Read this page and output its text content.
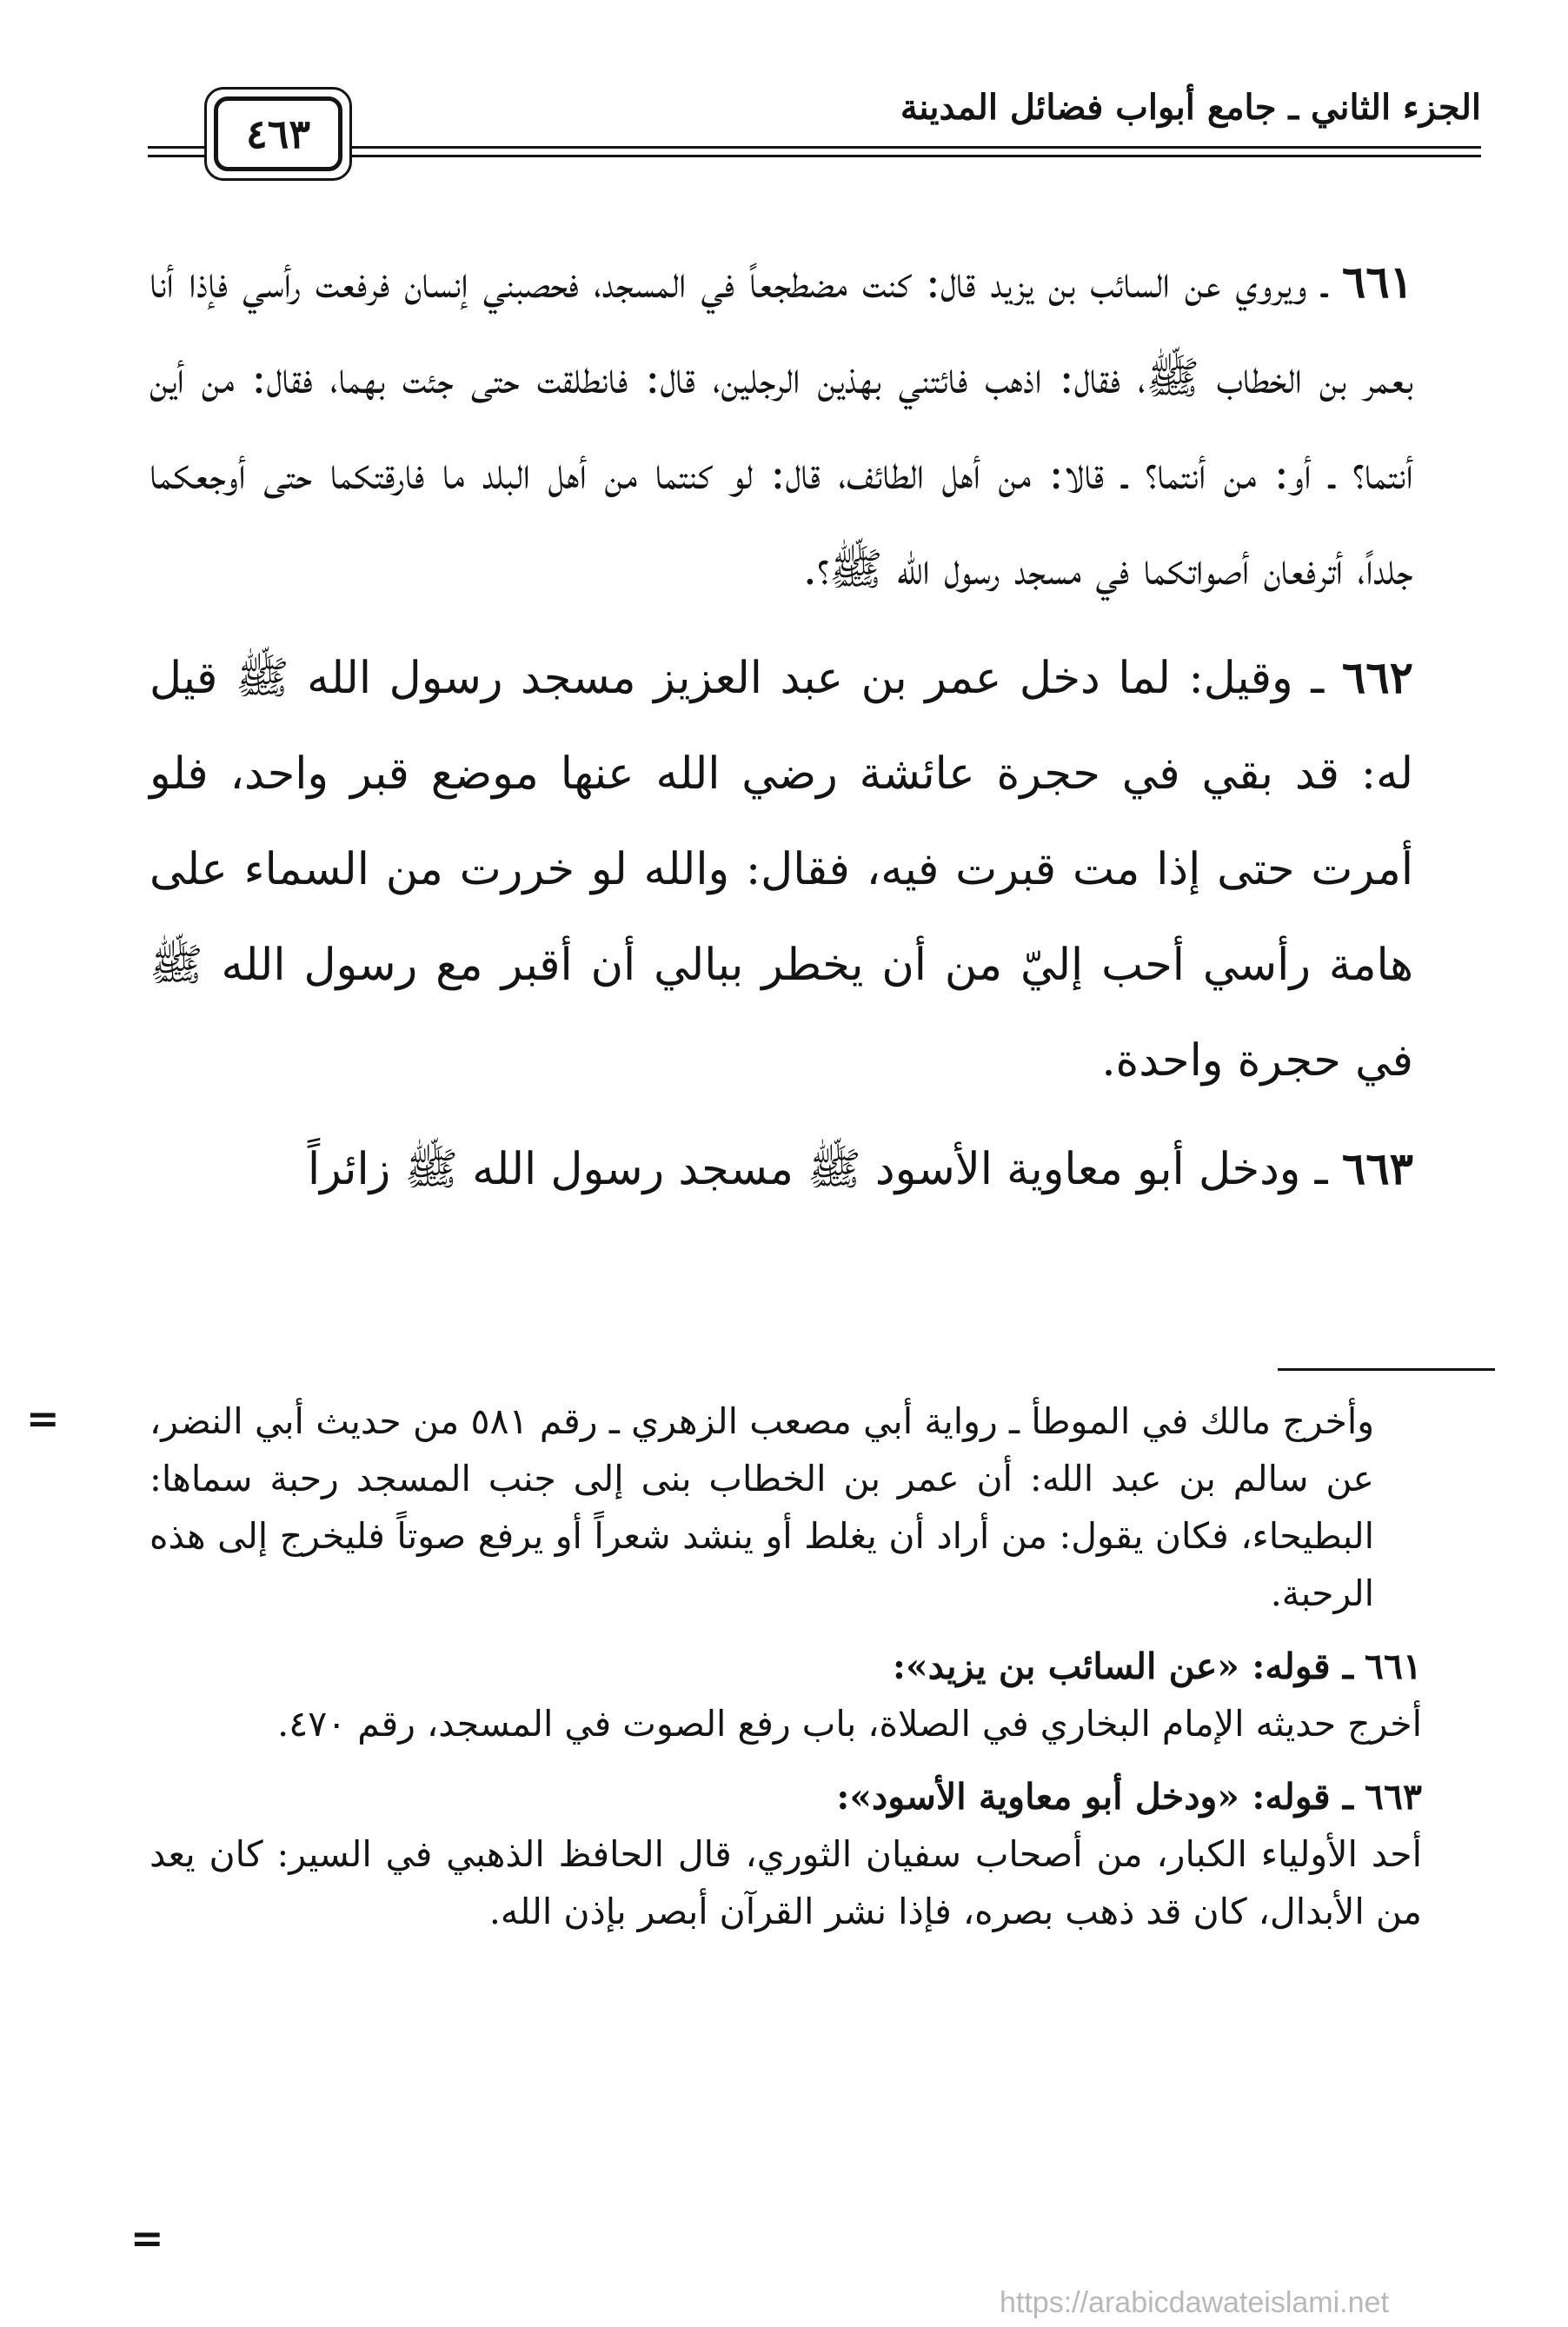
الجزء الثاني ـ جامع أبواب فضائل المدينة
٤٦٣

٦٦١ ـ ويروي عن السائب بن يزيد قال: كنت مضطجعاً في المسجد، فحصبني إنسان فرفعت رأسي فإذا أنا بعمر بن الخطاب ﷺ، فقال: اذهب فائتني بهذين الرجلين، قال: فانطلقت حتى جئت بهما، فقال: من أين أنتما؟ ـ أو: من أنتما؟ ـ قالا: من أهل الطائف، قال: لو كنتما من أهل البلد ما فارقتكما حتى أوجعكما جلداً، أترفعان أصواتكما في مسجد رسول الله ﷺ؟.

٦٦٢ ـ وقيل: لما دخل عمر بن عبد العزيز مسجد رسول الله ﷺ قيل له: قد بقي في حجرة عائشة رضي الله عنها موضع قبر واحد، فلو أمرت حتى إذا مت قبرت فيه، فقال: والله لو خررت من السماء على هامة رأسي أحب إليّ من أن يخطر ببالي أن أقبر مع رسول الله ﷺ في حجرة واحدة.

٦٦٣ ـ ودخل أبو معاوية الأسود ﷺ مسجد رسول الله ﷺ زائراً

=	وأخرج مالك في الموطأ ـ رواية أبي مصعب الزهري ـ رقم ٥٨١ من حديث أبي النضر، عن سالم بن عبد الله: أن عمر بن الخطاب بنى إلى جنب المسجد رحبة سماها: البطيحاء، فكان يقول: من أراد أن يغلط أو ينشد شعراً أو يرفع صوتاً فليخرج إلى هذه الرحبة.

٦٦١ ـ قوله: «عن السائب بن يزيد»:
أخرج حديثه الإمام البخاري في الصلاة، باب رفع الصوت في المسجد، رقم ٤٧٠.

٦٦٣ ـ قوله: «ودخل أبو معاوية الأسود»:
أحد الأولياء الكبار، من أصحاب سفيان الثوري، قال الحافظ الذهبي في السير: كان يعد من الأبدال، كان قد ذهب بصره، فإذا نشر القرآن أبصر بإذن الله.

=
https://arabicdawateislami.net
